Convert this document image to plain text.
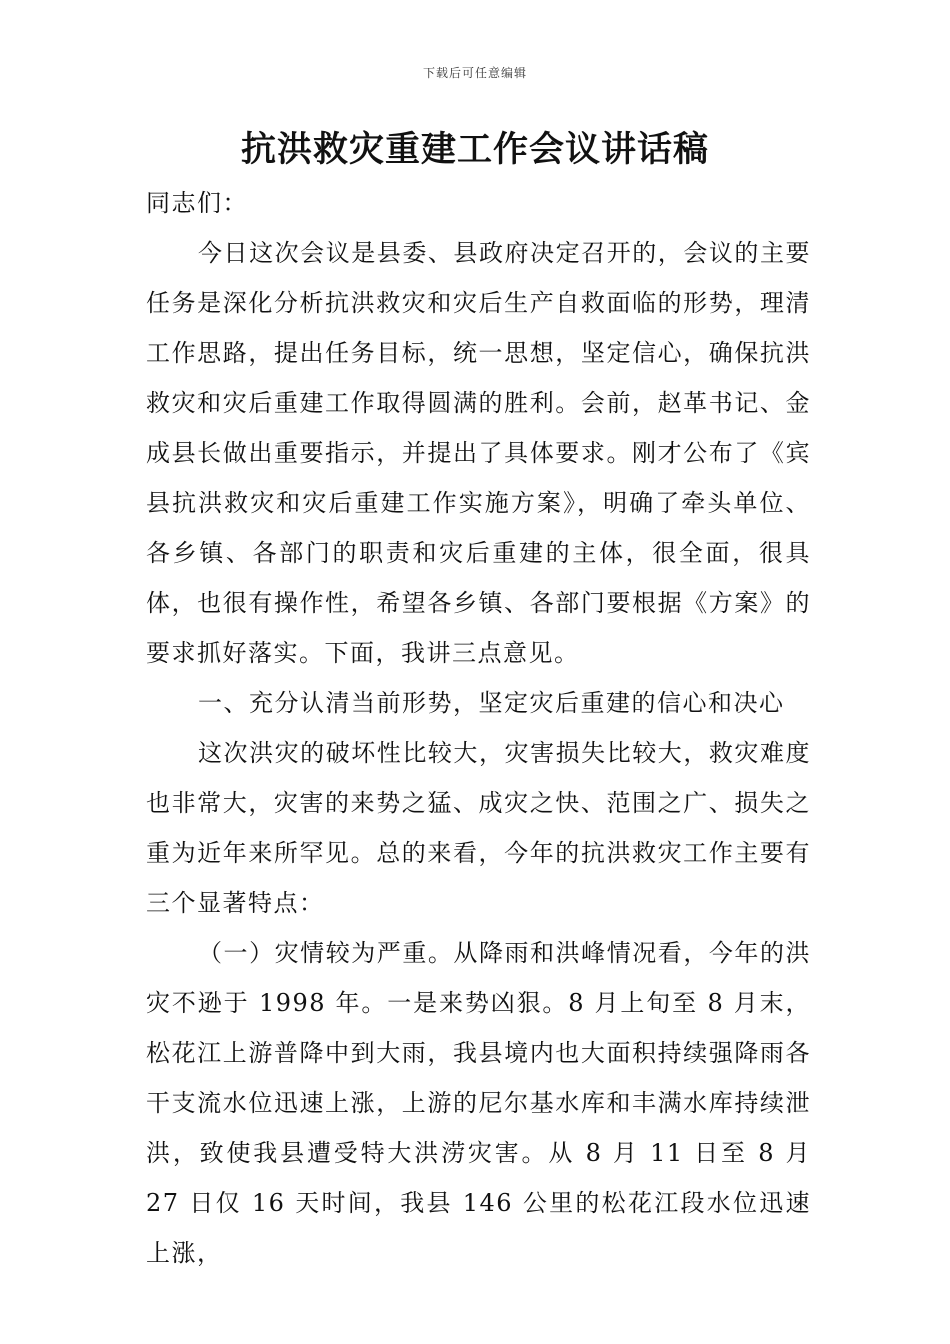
下载后可任意编辑
抗洪救灾重建工作会议讲话稿

同志们：

今日这次会议是县委、县政府决定召开的，会议的主要任务是深化分析抗洪救灾和灾后生产自救面临的形势，理清工作思路，提出任务目标，统一思想，坚定信心，确保抗洪救灾和灾后重建工作取得圆满的胜利。会前，赵革书记、金成县长做出重要指示，并提出了具体要求。刚才公布了《宾县抗洪救灾和灾后重建工作实施方案》，明确了牵头单位、各乡镇、各部门的职责和灾后重建的主体，很全面，很具体，也很有操作性，希望各乡镇、各部门要根据《方案》的要求抓好落实。下面，我讲三点意见。

一、充分认清当前形势，坚定灾后重建的信心和决心

这次洪灾的破坏性比较大，灾害损失比较大，救灾难度也非常大，灾害的来势之猛、成灾之快、范围之广、损失之重为近年来所罕见。总的来看，今年的抗洪救灾工作主要有三个显著特点：

（一）灾情较为严重。从降雨和洪峰情况看，今年的洪灾不逊于 1998 年。一是来势凶狠。8 月上旬至 8 月末，松花江上游普降中到大雨，我县境内也大面积持续强降雨各干支流水位迅速上涨，上游的尼尔基水库和丰满水库持续泄洪，致使我县遭受特大洪涝灾害。从 8 月 11 日至 8 月 27 日仅 16 天时间，我县 146 公里的松花江段水位迅速上涨，
